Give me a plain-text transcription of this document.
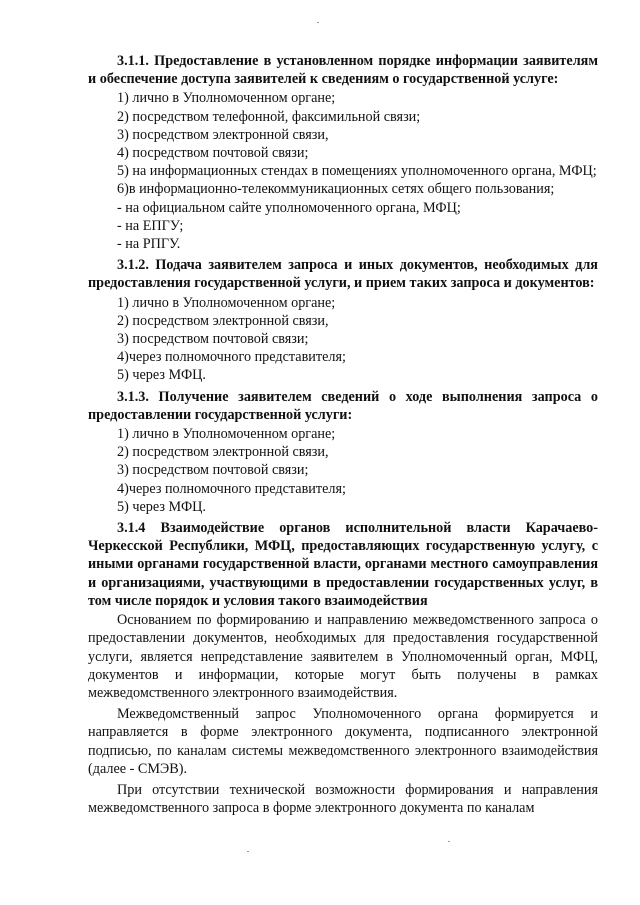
3.1.1. Предоставление в установленном порядке информации заявителям и обеспечение доступа заявителей к сведениям о государственной услуге:

1) лично в Уполномоченном органе;

2) посредством телефонной, факсимильной связи;

3) посредством электронной связи,

4) посредством почтовой связи;

5) на информационных стендах в помещениях уполномоченного органа, МФЦ;

6)в информационно-телекоммуникационных сетях общего пользования;

- на официальном сайте уполномоченного органа, МФЦ;

- на ЕПГУ;

- на РПГУ.

3.1.2. Подача заявителем запроса и иных документов, необходимых для предоставления государственной услуги, и прием таких запроса и документов:

1) лично в Уполномоченном органе;

2) посредством электронной связи,

3) посредством почтовой связи;

4)через полномочного представителя;

5) через МФЦ.

3.1.3. Получение заявителем сведений о ходе выполнения запроса о предоставлении государственной услуги:

1) лично в Уполномоченном органе;

2) посредством электронной связи,

3) посредством почтовой связи;

4)через полномочного представителя;

5) через МФЦ.

3.1.4 Взаимодействие органов исполнительной власти Карачаево-Черкесской Республики, МФЦ, предоставляющих государственную услугу, с иными органами государственной власти, органами местного самоуправления и организациями, участвующими в предоставлении государственных услуг, в том числе порядок и условия такого взаимодействия

Основанием по формированию и направлению межведомственного запроса о предоставлении документов, необходимых для предоставления государственной услуги, является непредставление заявителем в Уполномоченный орган, МФЦ, документов и информации, которые могут быть получены в рамках межведомственного электронного взаимодействия.

Межведомственный запрос Уполномоченного органа формируется и направляется в форме электронного документа, подписанного электронной подписью, по каналам системы межведомственного электронного взаимодействия (далее - СМЭВ).

При отсутствии технической возможности формирования и направления межведомственного запроса в форме электронного документа по каналам
